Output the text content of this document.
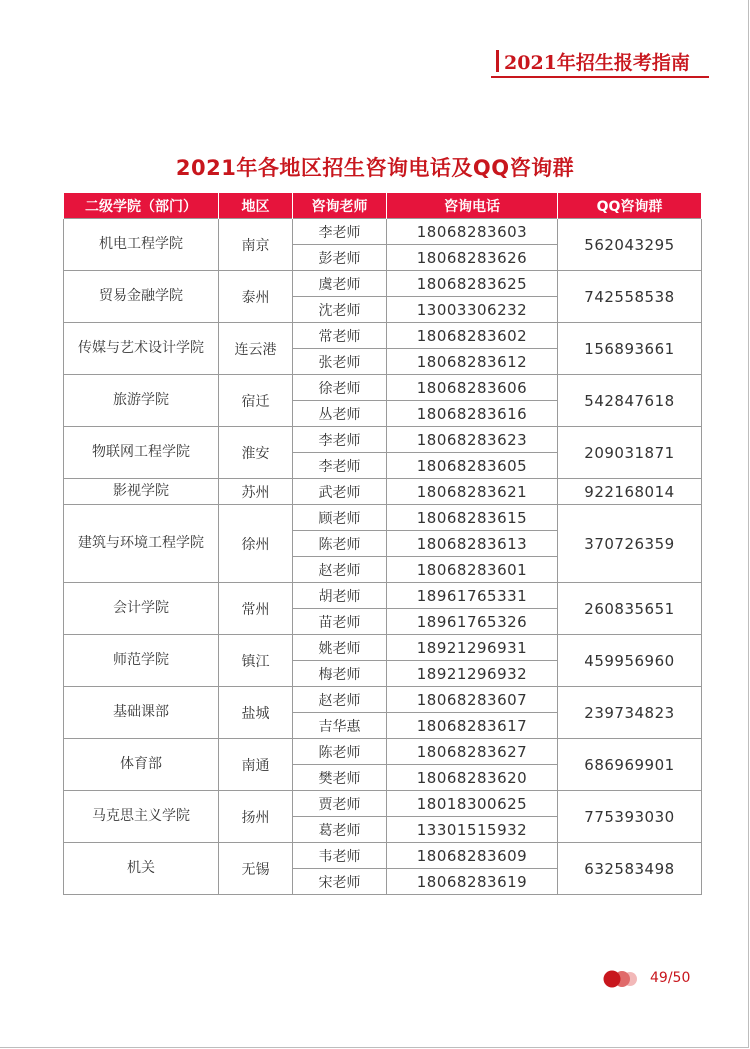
2021年招生报考指南
2021年各地区招生咨询电话及QQ咨询群
二级学院（部门）	地区	咨询老师	咨询电话	QQ咨询群
机电工程学院	南京	李老师	18068283603	562043295
		彭老师	18068283626	
贸易金融学院	泰州	虞老师	18068283625	742558538
		沈老师	13003306232	
传媒与艺术设计学院	连云港	常老师	18068283602	156893661
		张老师	18068283612	
旅游学院	宿迁	徐老师	18068283606	542847618
		丛老师	18068283616	
物联网工程学院	淮安	李老师	18068283623	209031871
		李老师	18068283605	
影视学院	苏州	武老师	18068283621	922168014
建筑与环境工程学院	徐州	顾老师	18068283615	370726359
		陈老师	18068283613	
		赵老师	18068283601	
会计学院	常州	胡老师	18961765331	260835651
		苗老师	18961765326	
师范学院	镇江	姚老师	18921296931	459956960
		梅老师	18921296932	
基础课部	盐城	赵老师	18068283607	239734823
		吉华惠	18068283617	
体育部	南通	陈老师	18068283627	686969901
		樊老师	18068283620	
马克思主义学院	扬州	贾老师	18018300625	775393030
		葛老师	13301515932	
机关	无锡	韦老师	18068283609	632583498
		宋老师	18068283619	
49/50
